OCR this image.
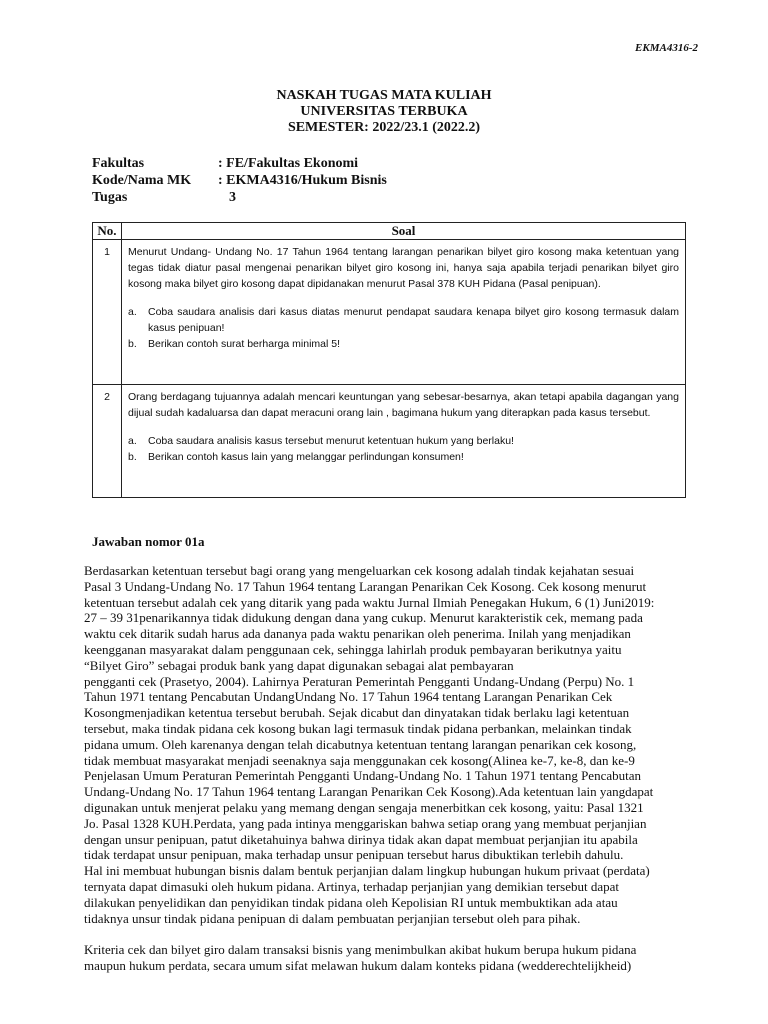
EKMA4316-2
NASKAH TUGAS MATA KULIAH
UNIVERSITAS TERBUKA
SEMESTER: 2022/23.1 (2022.2)
Fakultas	: FE/Fakultas Ekonomi
Kode/Nama MK	: EKMA4316/Hukum Bisnis
Tugas	3
No.	Soal
1	Menurut Undang- Undang No. 17 Tahun 1964 tentang larangan penarikan bilyet giro kosong maka ketentuan yang tegas tidak diatur pasal mengenai penarikan bilyet giro kosong ini, hanya saja apabila terjadi penarikan bilyet giro kosong maka bilyet giro kosong dapat dipidanakan menurut Pasal 378 KUH Pidana (Pasal penipuan).
a. Coba saudara analisis dari kasus diatas menurut pendapat saudara kenapa bilyet giro kosong termasuk dalam kasus penipuan!
b. Berikan contoh surat berharga minimal 5!

2	Orang berdagang tujuannya adalah mencari keuntungan yang sebesar-besarnya, akan tetapi apabila dagangan yang dijual sudah kadaluarsa dan dapat meracuni orang lain , bagimana hukum yang diterapkan pada kasus tersebut.
a. Coba saudara analisis kasus tersebut menurut ketentuan hukum yang berlaku!
b. Berikan contoh kasus lain yang melanggar perlindungan konsumen!
Jawaban nomor 01a

Berdasarkan ketentuan tersebut bagi orang yang mengeluarkan cek kosong adalah tindak kejahatan sesuai

Pasal 3 Undang-Undang No. 17 Tahun 1964 tentang Larangan Penarikan Cek Kosong. Cek kosong menurut

ketentuan tersebut adalah cek yang ditarik yang pada waktu Jurnal Ilmiah Penegakan Hukum, 6 (1) Juni2019:

27 – 39 31penarikannya tidak didukung dengan dana yang cukup. Menurut karakteristik cek, memang pada

waktu cek ditarik sudah harus ada dananya pada waktu penarikan oleh penerima. Inilah yang menjadikan

keengganan masyarakat dalam penggunaan cek, sehingga lahirlah produk pembayaran berikutnya yaitu

“Bilyet Giro” sebagai produk bank yang dapat digunakan sebagai alat pembayaran

pengganti cek (Prasetyo, 2004). Lahirnya Peraturan Pemerintah Pengganti Undang-Undang (Perpu) No. 1

Tahun 1971 tentang Pencabutan UndangUndang No. 17 Tahun 1964 tentang Larangan Penarikan Cek

Kosongmenjadikan ketentua tersebut berubah. Sejak dicabut dan dinyatakan tidak berlaku lagi ketentuan

tersebut, maka tindak pidana cek kosong bukan lagi termasuk tindak pidana perbankan, melainkan tindak

pidana umum. Oleh karenanya dengan telah dicabutnya ketentuan tentang larangan penarikan cek kosong,

tidak membuat masyarakat menjadi seenaknya saja menggunakan cek kosong(Alinea ke-7, ke-8, dan ke-9

Penjelasan Umum Peraturan Pemerintah Pengganti Undang-Undang No. 1 Tahun 1971 tentang Pencabutan

Undang-Undang No. 17 Tahun 1964 tentang Larangan Penarikan Cek Kosong).Ada ketentuan lain yangdapat

digunakan untuk menjerat pelaku yang memang dengan sengaja menerbitkan cek kosong, yaitu: Pasal 1321

Jo. Pasal 1328 KUH.Perdata, yang pada intinya menggariskan bahwa setiap orang yang membuat perjanjian

dengan unsur penipuan, patut diketahuinya bahwa dirinya tidak akan dapat membuat perjanjian itu apabila

tidak terdapat unsur penipuan, maka terhadap unsur penipuan tersebut harus dibuktikan terlebih dahulu.

Hal ini membuat hubungan bisnis dalam bentuk perjanjian dalam lingkup hubungan hukum privaat (perdata)

ternyata dapat dimasuki oleh hukum pidana. Artinya, terhadap perjanjian yang demikian tersebut dapat

dilakukan penyelidikan dan penyidikan tindak pidana oleh Kepolisian RI untuk membuktikan ada atau

tidaknya unsur tindak pidana penipuan di dalam pembuatan perjanjian tersebut oleh para pihak.

Kriteria cek dan bilyet giro dalam transaksi bisnis yang menimbulkan akibat hukum berupa hukum pidana

maupun hukum perdata, secara umum sifat melawan hukum dalam konteks pidana (wedderechtelijkheid)
